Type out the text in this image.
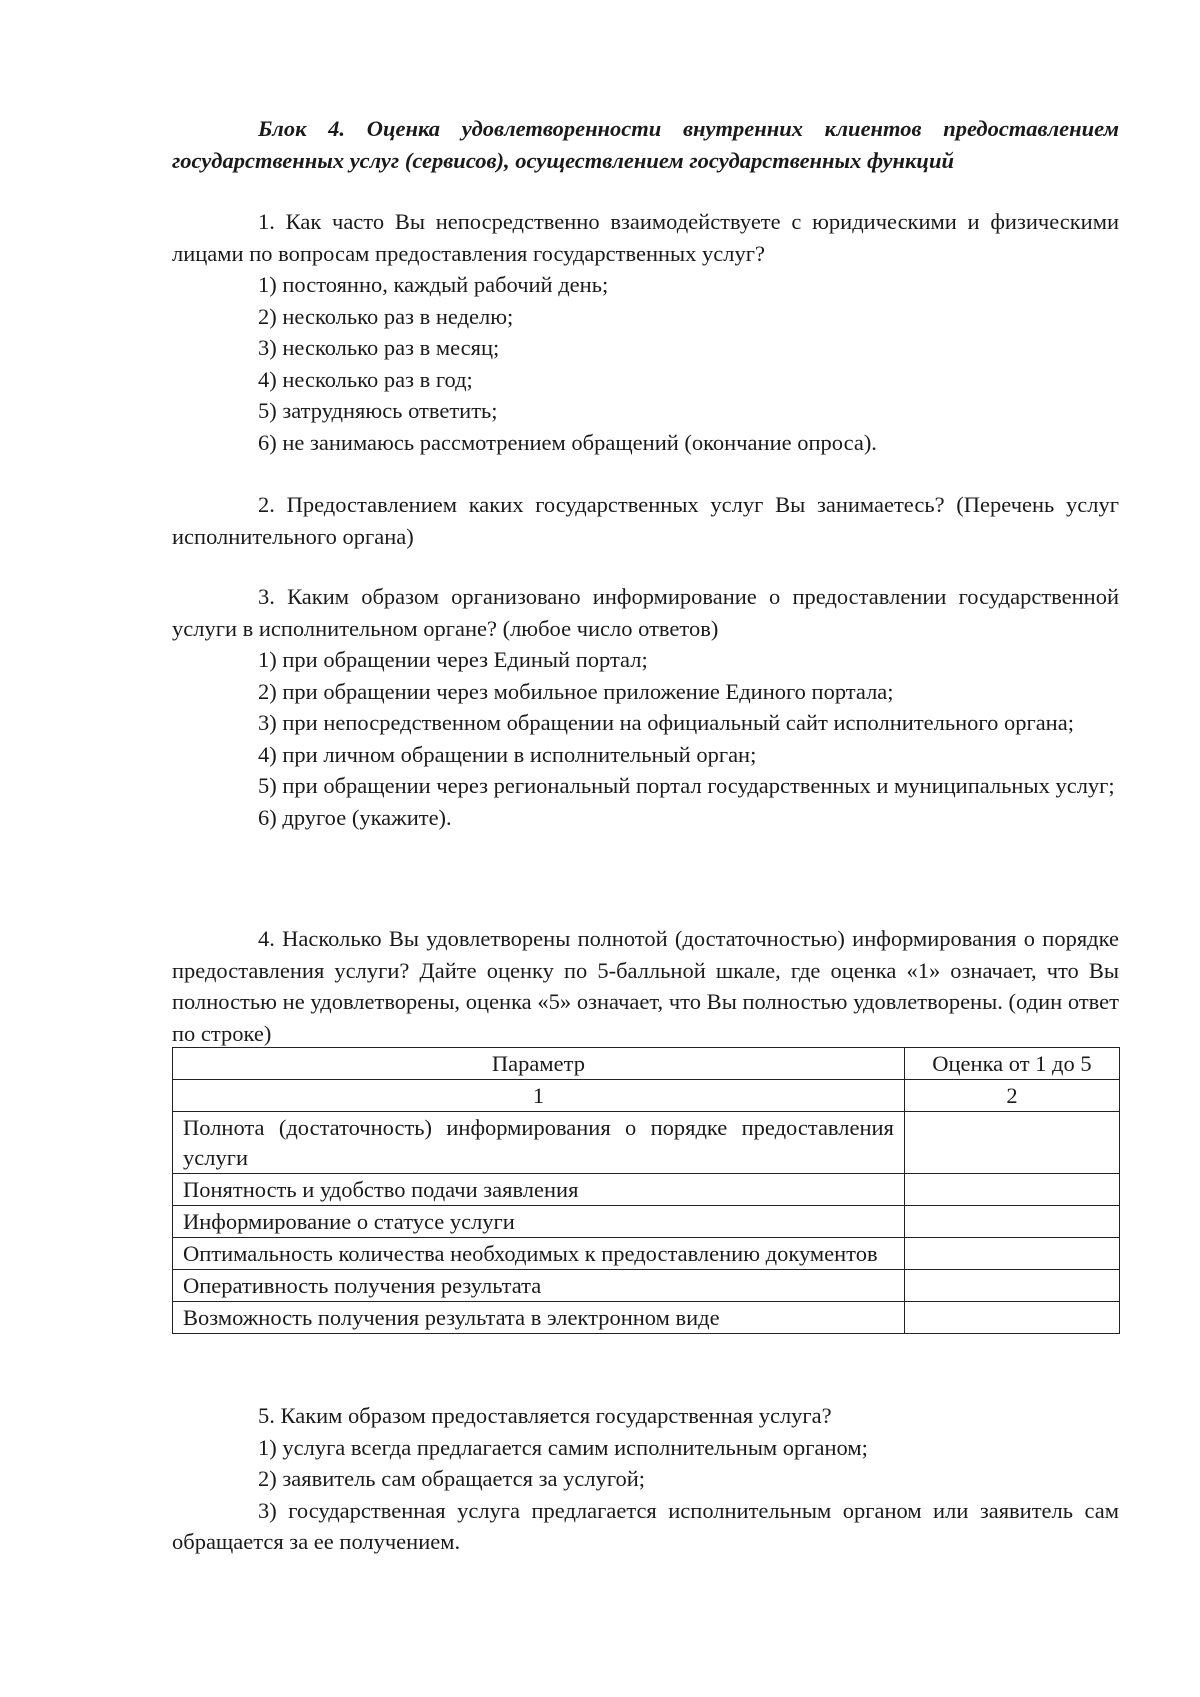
Блок 4. Оценка удовлетворенности внутренних клиентов предоставлением государственных услуг (сервисов), осуществлением государственных функций

1. Как часто Вы непосредственно взаимодействуете с юридическими и физическими лицами по вопросам предоставления государственных услуг?

1) постоянно, каждый рабочий день;

2) несколько раз в неделю;

3) несколько раз в месяц;

4) несколько раз в год;

5) затрудняюсь ответить;

6) не занимаюсь рассмотрением обращений (окончание опроса).

2. Предоставлением каких государственных услуг Вы занимаетесь? (Перечень услуг исполнительного органа)

3. Каким образом организовано информирование о предоставлении государственной услуги в исполнительном органе? (любое число ответов)

1) при обращении через Единый портал;

2) при обращении через мобильное приложение Единого портала;

3) при непосредственном обращении на официальный сайт исполнительного органа;

4) при личном обращении в исполнительный орган;

5) при обращении через региональный портал государственных и муниципальных услуг;

6) другое (укажите).

4. Насколько Вы удовлетворены полнотой (достаточностью) информирования о порядке предоставления услуги? Дайте оценку по 5-балльной шкале, где оценка «1» означает, что Вы полностью не удовлетворены, оценка «5» означает, что Вы полностью удовлетворены. (один ответ по строке)

Параметр	Оценка от 1 до 5
1	2
Полнота (достаточность) информирования о порядке предоставления услуги	
Понятность и удобство подачи заявления	
Информирование о статусе услуги	
Оптимальность количества необходимых к предоставлению документов	
Оперативность получения результата	
Возможность получения результата в электронном виде	

5. Каким образом предоставляется государственная услуга?

1) услуга всегда предлагается самим исполнительным органом;

2) заявитель сам обращается за услугой;

3) государственная услуга предлагается исполнительным органом или заявитель сам обращается за ее получением.
